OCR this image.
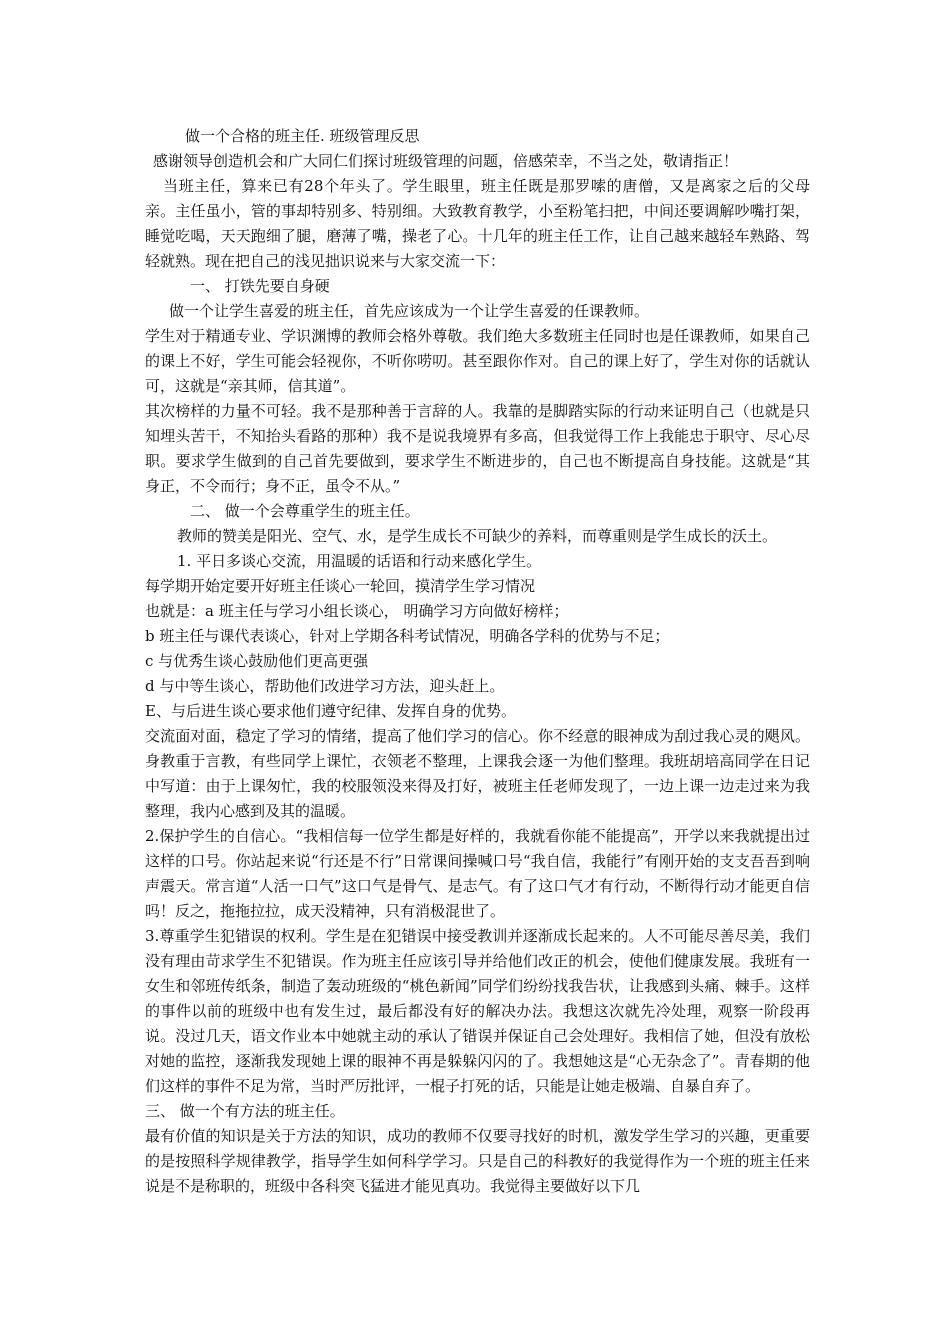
做一个合格的班主任. 班级管理反思

感谢领导创造机会和广大同仁们探讨班级管理的问题，倍感荣幸，不当之处，敬请指正！

当班主任，算来已有28个年头了。学生眼里，班主任既是那罗嗦的唐僧，又是离家之后的父母亲。主任虽小，管的事却特别多、特别细。大致教育教学，小至粉笔扫把，中间还要调解吵嘴打架，睡觉吃喝，天天跑细了腿，磨薄了嘴，操老了心。十几年的班主任工作，让自己越来越轻车熟路、驾轻就熟。现在把自己的浅见拙识说来与大家交流一下：

一、 打铁先要自身硬

做一个让学生喜爱的班主任，首先应该成为一个让学生喜爱的任课教师。

学生对于精通专业、学识渊博的教师会格外尊敬。我们绝大多数班主任同时也是任课教师，如果自己的课上不好，学生可能会轻视你，不听你唠叨。甚至跟你作对。自己的课上好了，学生对你的话就认可，这就是“亲其师，信其道”。

其次榜样的力量不可轻。我不是那种善于言辞的人。我靠的是脚踏实际的行动来证明自己（也就是只知埋头苦干，不知抬头看路的那种）我不是说我境界有多高，但我觉得工作上我能忠于职守、尽心尽职。要求学生做到的自己首先要做到，要求学生不断进步的，自己也不断提高自身技能。这就是“其身正，不令而行；身不正，虽令不从。”

二、 做一个会尊重学生的班主任。

教师的赞美是阳光、空气、水，是学生成长不可缺少的养料，而尊重则是学生成长的沃土。

1. 平日多谈心交流，用温暖的话语和行动来感化学生。

每学期开始定要开好班主任谈心一轮回，摸清学生学习情况

也就是：a 班主任与学习小组长谈心， 明确学习方向做好榜样；

b 班主任与课代表谈心，针对上学期各科考试情况，明确各学科的优势与不足；

c 与优秀生谈心鼓励他们更高更强

d 与中等生谈心，帮助他们改进学习方法，迎头赶上。

E、与后进生谈心要求他们遵守纪律、发挥自身的优势。

交流面对面，稳定了学习的情绪，提高了他们学习的信心。你不经意的眼神成为刮过我心灵的飓风。身教重于言教，有些同学上课忙，衣领老不整理，上课我会逐一为他们整理。我班胡培高同学在日记中写道：由于上课匆忙，我的校服领没来得及打好，被班主任老师发现了，一边上课一边走过来为我整理，我内心感到及其的温暖。

2.保护学生的自信心。“我相信每一位学生都是好样的，我就看你能不能提高”，开学以来我就提出过这样的口号。你站起来说“行还是不行”日常课间操喊口号“我自信，我能行”有刚开始的支支吾吾到响声震天。常言道“人活一口气”这口气是骨气、是志气。有了这口气才有行动，不断得行动才能更自信吗！反之，拖拖拉拉，成天没精神，只有消极混世了。

3.尊重学生犯错误的权利。学生是在犯错误中接受教训并逐渐成长起来的。人不可能尽善尽美，我们没有理由苛求学生不犯错误。作为班主任应该引导并给他们改正的机会，使他们健康发展。我班有一女生和邻班传纸条，制造了轰动班级的“桃色新闻”同学们纷纷找我告状，让我感到头痛、棘手。这样的事件以前的班级中也有发生过，最后都没有好的解决办法。我想这次就先冷处理，观察一阶段再说。没过几天，语文作业本中她就主动的承认了错误并保证自己会处理好。我相信了她，但没有放松对她的监控，逐渐我发现她上课的眼神不再是躲躲闪闪的了。我想她这是“心无杂念了”。青春期的他们这样的事件不足为常，当时严厉批评，一棍子打死的话，只能是让她走极端、自暴自弃了。

三、 做一个有方法的班主任。

最有价值的知识是关于方法的知识，成功的教师不仅要寻找好的时机，激发学生学习的兴趣，更重要的是按照科学规律教学，指导学生如何科学学习。只是自己的科教好的我觉得作为一个班的班主任来说是不是称职的，班级中各科突飞猛进才能见真功。我觉得主要做好以下几
